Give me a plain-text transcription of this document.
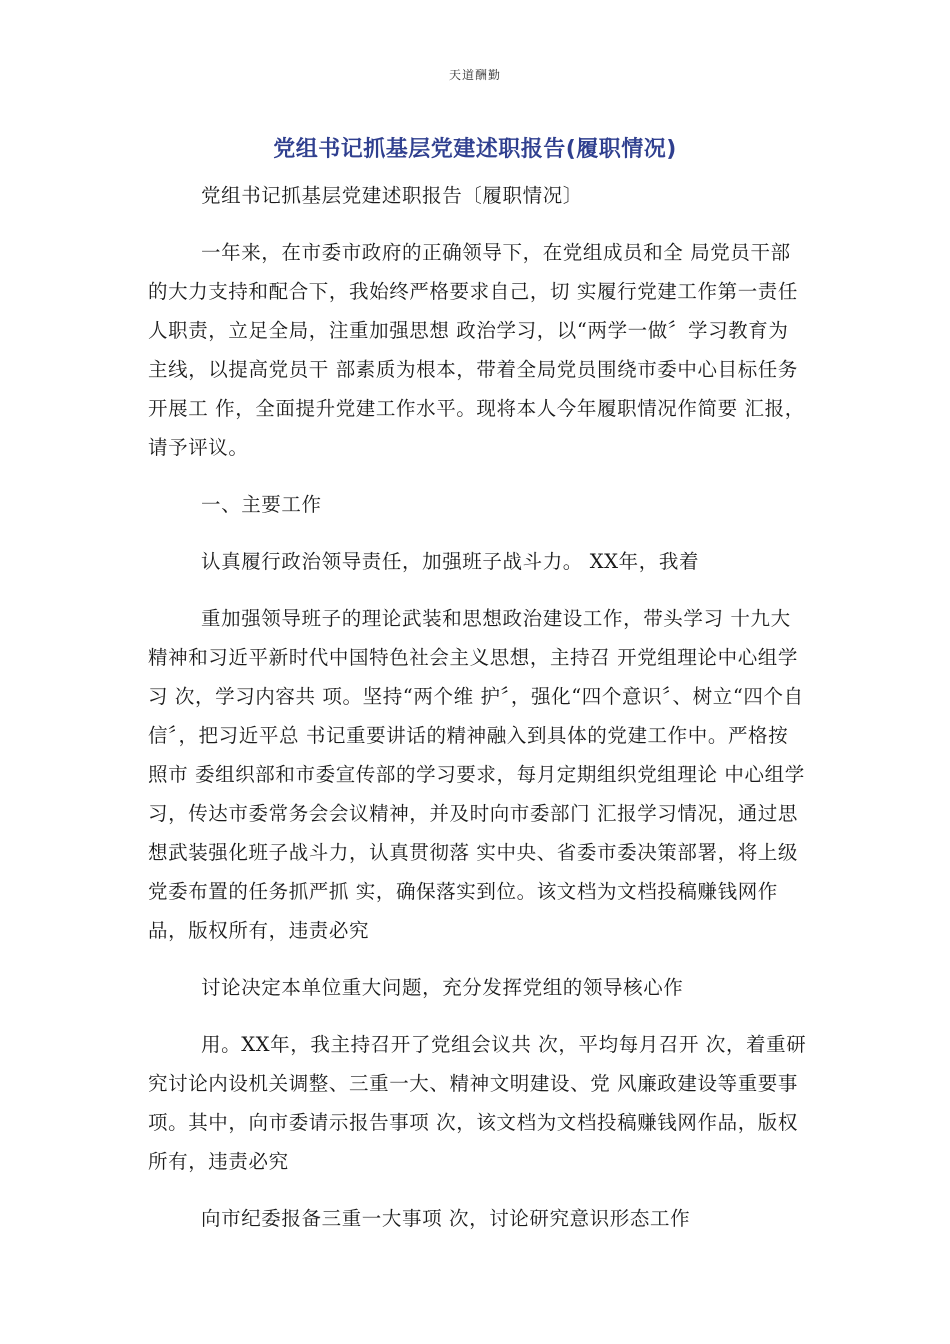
天道酬勤
党组书记抓基层党建述职报告(履职情况)

党组书记抓基层党建述职报告〔履职情况〕

一年来，在市委市政府的正确领导下，在党组成员和全 局党员干部的大力支持和配合下，我始终严格要求自己，切 实履行党建工作第一责任人职责，立足全局，注重加强思想 政治学习，以“两学一做〞学习教育为主线，以提高党员干 部素质为根本，带着全局党员围绕市委中心目标任务开展工 作，全面提升党建工作水平。现将本人今年履职情况作简要 汇报，请予评议。

一、主要工作

认真履行政治领导责任，加强班子战斗力。 XX年，我着

重加强领导班子的理论武装和思想政治建设工作，带头学习 十九大精神和习近平新时代中国特色社会主义思想，主持召 开党组理论中心组学习 次，学习内容共 项。坚持“两个维 护〞，强化“四个意识〞、树立“四个自信〞，把习近平总 书记重要讲话的精神融入到具体的党建工作中。严格按照市 委组织部和市委宣传部的学习要求，每月定期组织党组理论 中心组学习，传达市委常务会会议精神，并及时向市委部门 汇报学习情况，通过思想武装强化班子战斗力，认真贯彻落 实中央、省委市委决策部署，将上级党委布置的任务抓严抓 实，确保落实到位。该文档为文档投稿赚钱网作品，版权所有，违责必究

讨论决定本单位重大问题，充分发挥党组的领导核心作

用。XX年，我主持召开了党组会议共 次，平均每月召开 次，着重研究讨论内设机关调整、三重一大、精神文明建设、党 风廉政建设等重要事项。其中，向市委请示报告事项 次，该文档为文档投稿赚钱网作品，版权所有，违责必究

向市纪委报备三重一大事项 次，讨论研究意识形态工作
